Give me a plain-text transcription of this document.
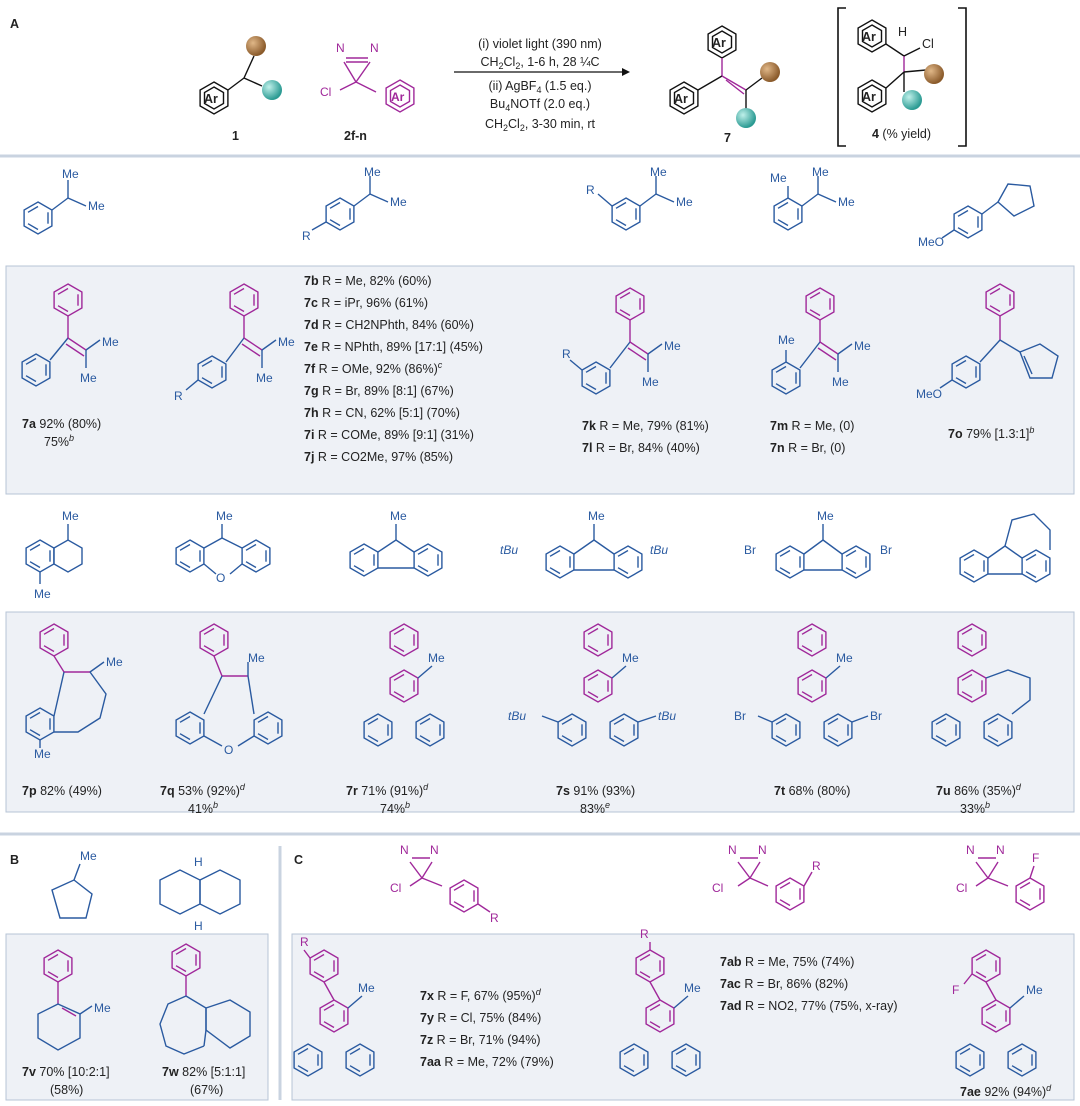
A
Ar
1
N N
Cl	Ar
2f-n
(i) violet light (390 nm)
$CH_2Cl_2$, 1-6 h, 28 ¼C
(ii) AgBF$_4$ (1.5 eq.)
$Bu_4NOTf$ (2.0 eq.)
$CH_2Cl_2$, 3-30 min, rt
Ar
Ar
7
Ar
Ar
H
Cl
4 (% yield)
Me
Me
Me
Me
R
Me
Me
R
Me
Me
Me
MeO
Me
Me
7a 92% (80%)
75%$^b$
Me
Me
R
7b R = Me, 82% (60%)
7c R = iPr, 96% (61%)
7d R = CH2NPhth, 84% (60%)
7e R = NPhth, 89% [17:1] (45%)
7f R = OMe, 92% $(86\%)^c$
7g R = Br, 89% [8:1] (67%)
7h R = CN, 62% [5:1] (70%)
7i R = COMe, 89% [9:1] (31%)
7j R = CO2Me, 97% (85%)
Me
Me
R
7k R = Me, 79% (81%)
7l R = Br, 84% (40%)
Me
Me
Me
7m R = Me, (0)
7n R = Br, (0)
MeO
7o 79% [1.3:1]$^b$
Me
Me
Me
O
Me	Me
tBu	tBu
Me
Br	Br
Me
Me
7p 82% (49%)
Me
O
7q 53% $(92\%)^d$
41%$^b$
Me
7r 71% $(91\%)^d$
74%$^b$
Me
tBu	tBu
7s 91% (93%)
83%$^e$
Me
Br	Br
7t 68% (80%)	7u 86% $(35\%)^d$
33%$^b$
B	Me	H
H
Me
7v 70% [10:2:1]
(58%)
7w 82% [5:1:1]
(67%)
C
N N
Cl
R
N N
Cl
R
N N
Cl
F
R
Me
7x R = F, 67% $(95\%)^d$
7y R = Cl, 75% (84%)
7z R = Br, 71% (94%)
7aa R = Me, 72% (79%)
R
Me
7ab R = Me, 75% (74%)
7ac R = Br, 86% (82%)
7ad R = NO2, 77% (75%, x-ray)
F	Me
7ae 92% $(94\%)^d$
